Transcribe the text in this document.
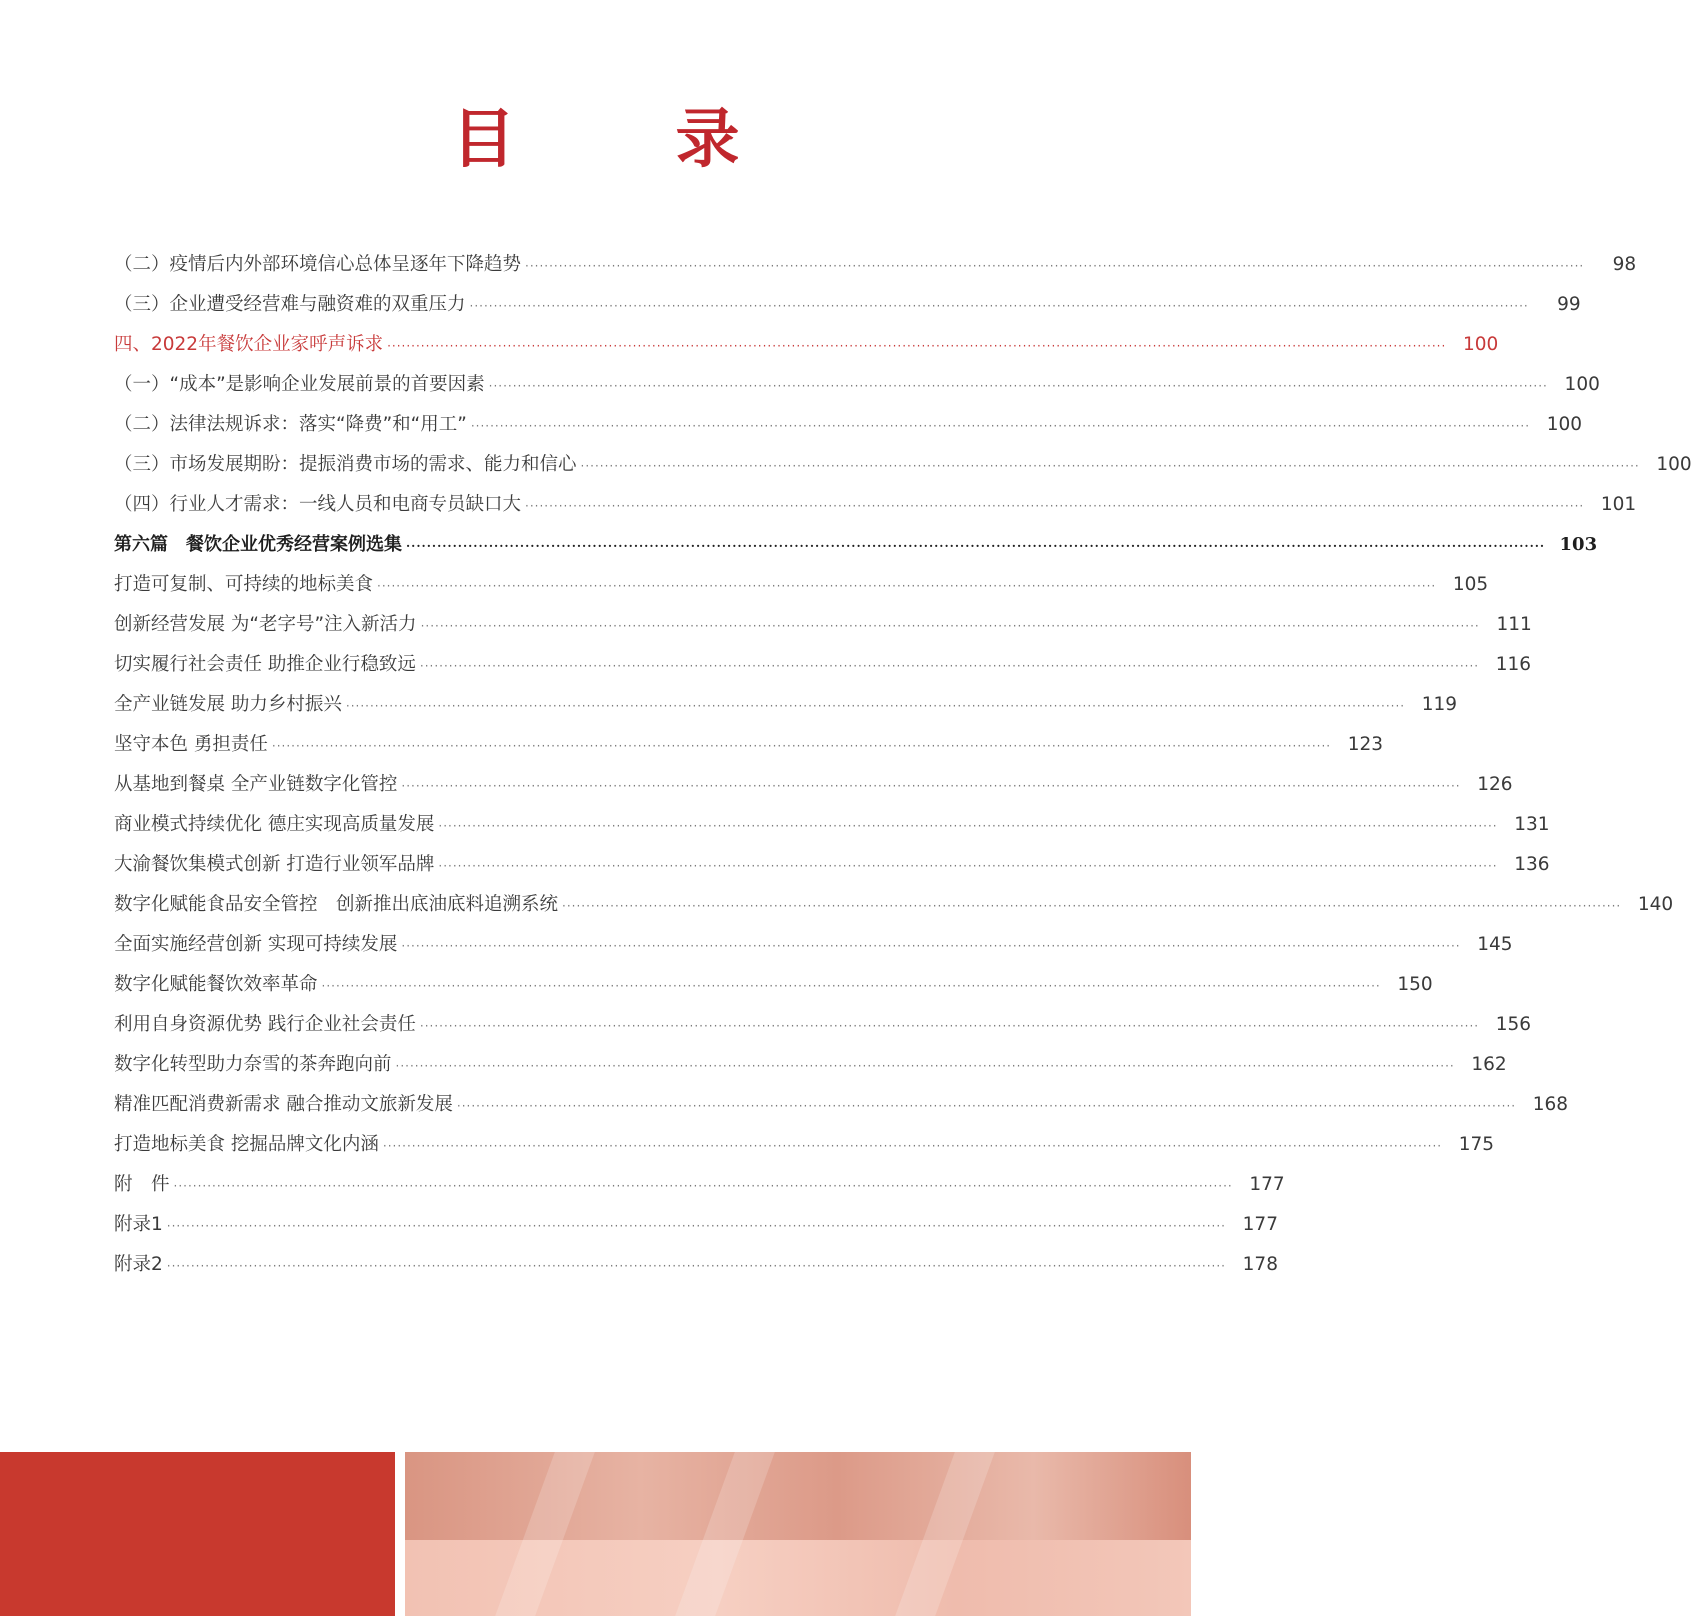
目　录
（二）疫情后内外部环境信心总体呈逐年下降趋势 ····························································································································································································································	98
（三）企业遭受经营难与融资难的双重压力 ····························································································································································································································	99
四、2022年餐饮企业家呼声诉求 ···························································································································································································································· 100
（一）“成本”是影响企业发展前景的首要因素 ···························································································································································································································· 100
（二）法律法规诉求：落实“降费”和“用工” ···························································································································································································································· 100
（三）市场发展期盼：提振消费市场的需求、能力和信心 ···························································································································································································································· 100
（四）行业人才需求：一线人员和电商专员缺口大 ···························································································································································································································· 101
第六篇　餐饮企业优秀经营案例选集 ···························································································································································································································· 103
打造可复制、可持续的地标美食 ···························································································································································································································· 105
创新经营发展 为“老字号”注入新活力 ···························································································································································································································· 111
切实履行社会责任 助推企业行稳致远 ···························································································································································································································· 116
全产业链发展 助力乡村振兴 ···························································································································································································································· 119
坚守本色 勇担责任 ···························································································································································································································· 123
从基地到餐桌 全产业链数字化管控 ···························································································································································································································· 126
商业模式持续优化 德庄实现高质量发展 ···························································································································································································································· 131
大渝餐饮集模式创新 打造行业领军品牌 ···························································································································································································································· 136
数字化赋能食品安全管控　创新推出底油底料追溯系统 ···························································································································································································································· 140
全面实施经营创新 实现可持续发展 ···························································································································································································································· 145
数字化赋能餐饮效率革命 ···························································································································································································································· 150
利用自身资源优势 践行企业社会责任 ···························································································································································································································· 156
数字化转型助力奈雪的茶奔跑向前 ···························································································································································································································· 162
精准匹配消费新需求 融合推动文旅新发展 ···························································································································································································································· 168
打造地标美食 挖掘品牌文化内涵 ···························································································································································································································· 175
附　件 ···························································································································································································································· 177
附录1 ···························································································································································································································· 177
附录2 ···························································································································································································································· 178
